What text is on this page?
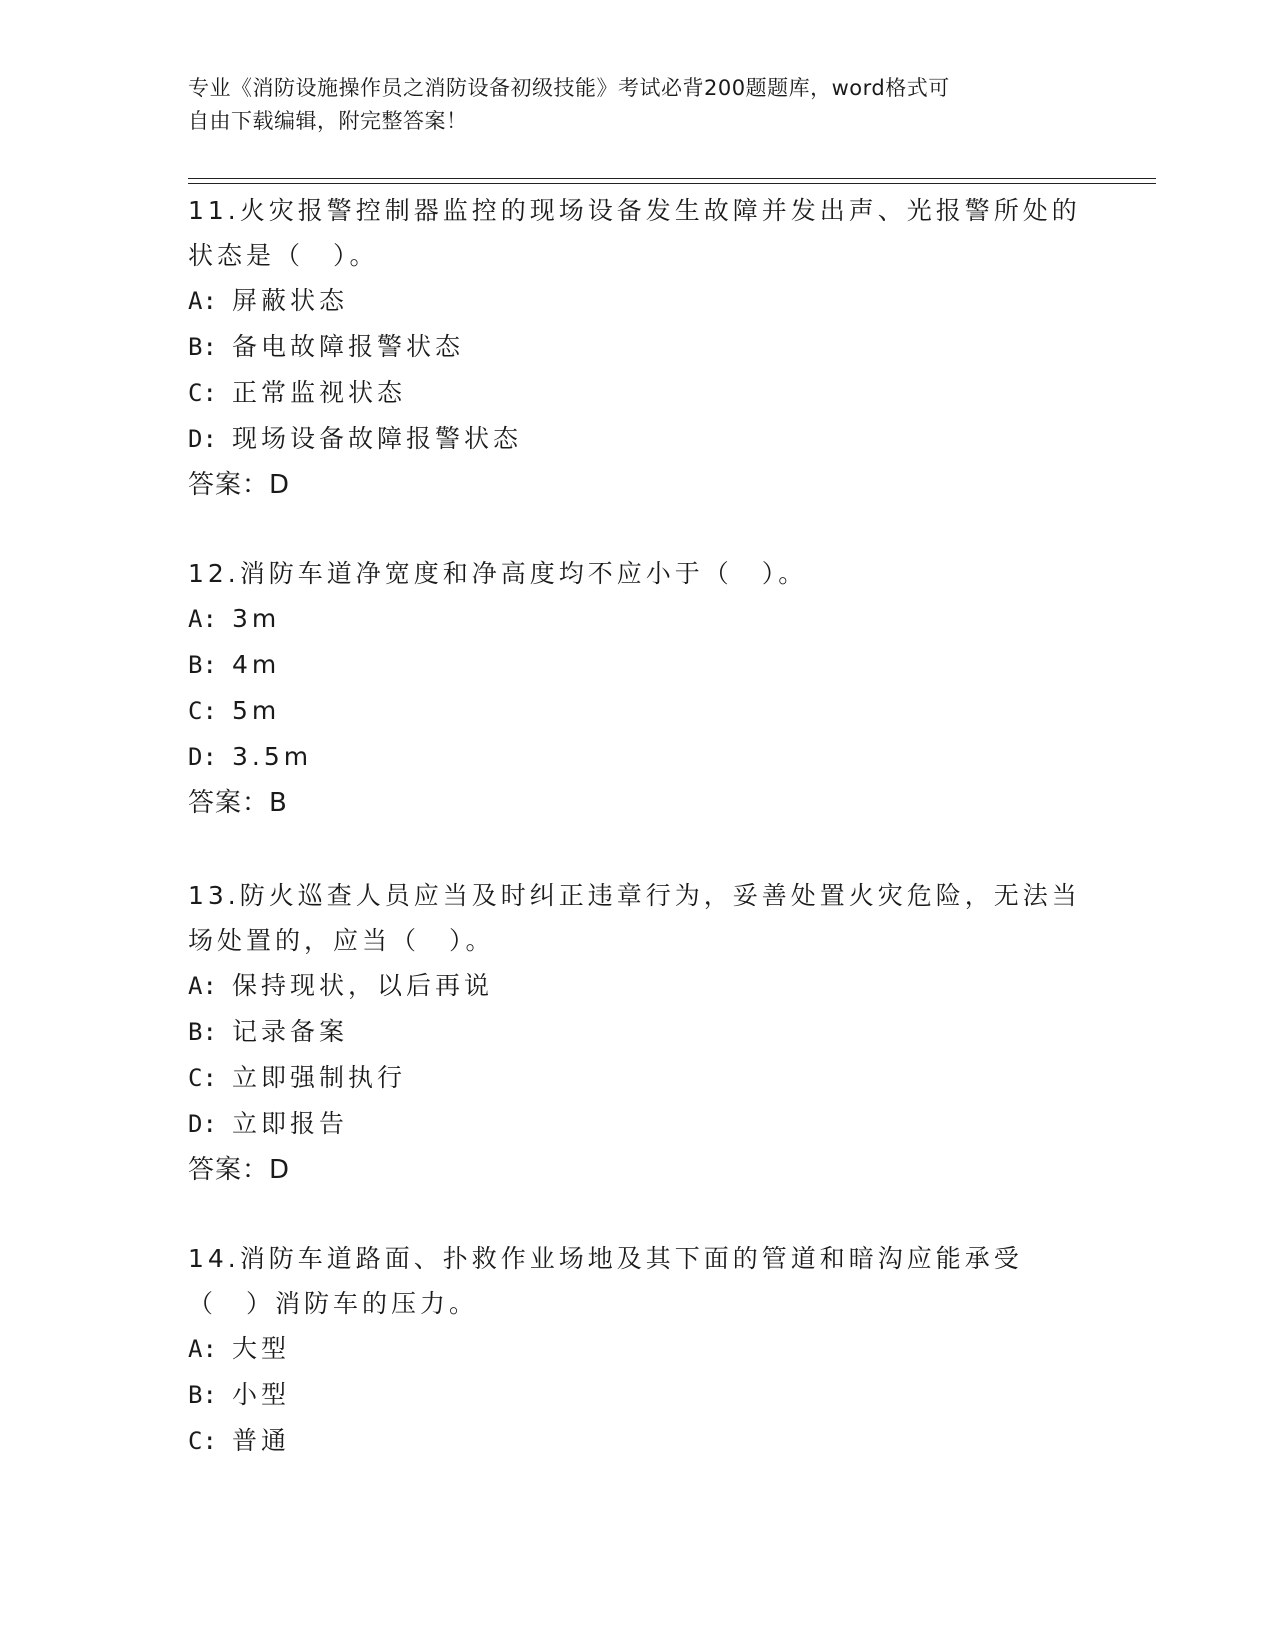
专业《消防设施操作员之消防设备初级技能》考试必背200题题库，word格式可
自由下载编辑，附完整答案！
11.火灾报警控制器监控的现场设备发生故障并发出声、光报警所处的状态是（　）。
A: 屏蔽状态
B: 备电故障报警状态
C: 正常监视状态
D: 现场设备故障报警状态
答案：D
12.消防车道净宽度和净高度均不应小于（　）。
A: 3m
B: 4m
C: 5m
D: 3.5m
答案：B
13.防火巡查人员应当及时纠正违章行为，妥善处置火灾危险，无法当场处置的，应当（　）。
A: 保持现状，以后再说
B: 记录备案
C: 立即强制执行
D: 立即报告
答案：D
14.消防车道路面、扑救作业场地及其下面的管道和暗沟应能承受（　）消防车的压力。
A: 大型
B: 小型
C: 普通
